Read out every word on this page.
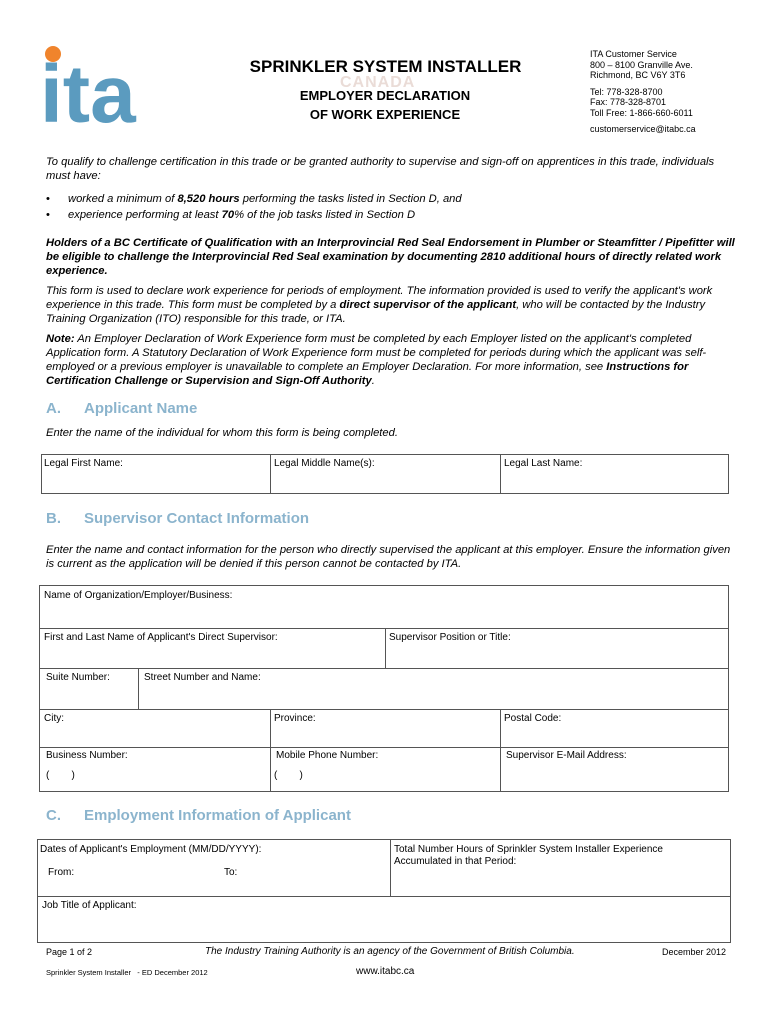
ita	CANADA
SPRINKLER SYSTEM INSTALLER
EMPLOYER DECLARATION
OF WORK EXPERIENCE
ITA Customer Service
800 – 8100 Granville Ave.
Richmond, BC V6Y 3T6
Tel: 778-328-8700
Fax: 778-328-8701
Toll Free: 1-866-660-6011
customerservice@itabc.ca
To qualify to challenge certification in this trade or be granted authority to supervise and sign-off on apprentices in this trade, individuals must have:
•	worked a minimum of 8,520 hours performing the tasks listed in Section D, and
•	experience performing at least 70% of the job tasks listed in Section D
Holders of a BC Certificate of Qualification with an Interprovincial Red Seal Endorsement in Plumber or Steamfitter / Pipefitter will be eligible to challenge the Interprovincial Red Seal examination by documenting 2810 additional hours of directly related work experience.
This form is used to declare work experience for periods of employment. The information provided is used to verify the applicant's work experience in this trade. This form must be completed by a direct supervisor of the applicant, who will be contacted by the Industry Training Organization (ITO) responsible for this trade, or ITA.
Note: An Employer Declaration of Work Experience form must be completed by each Employer listed on the applicant's completed Application form. A Statutory Declaration of Work Experience form must be completed for periods during which the applicant was self-employed or a previous employer is unavailable to complete an Employer Declaration. For more information, see Instructions for Certification Challenge or Supervision and Sign-Off Authority.
A. Applicant Name
Enter the name of the individual for whom this form is being completed.
Legal First Name:	Legal Middle Name(s):	Legal Last Name:
B. Supervisor Contact Information
Enter the name and contact information for the person who directly supervised the applicant at this employer. Ensure the information given is current as the application will be denied if this person cannot be contacted by ITA.
Name of Organization/Employer/Business:
First and Last Name of Applicant's Direct Supervisor:	Supervisor Position or Title:
Suite Number:	Street Number and Name:
City:	Province:	Postal Code:
Business Number:
(        )
Mobile Phone Number:
(        )
Supervisor E-Mail Address:
C. Employment Information of Applicant
Dates of Applicant's Employment (MM/DD/YYYY):
From:	To:
Total Number Hours of Sprinkler System Installer Experience Accumulated in that Period:
Job Title of Applicant:
Page 1 of 2	The Industry Training Authority is an agency of the Government of British Columbia.	December 2012
Sprinkler System Installer   - ED December 2012	www.itabc.ca
